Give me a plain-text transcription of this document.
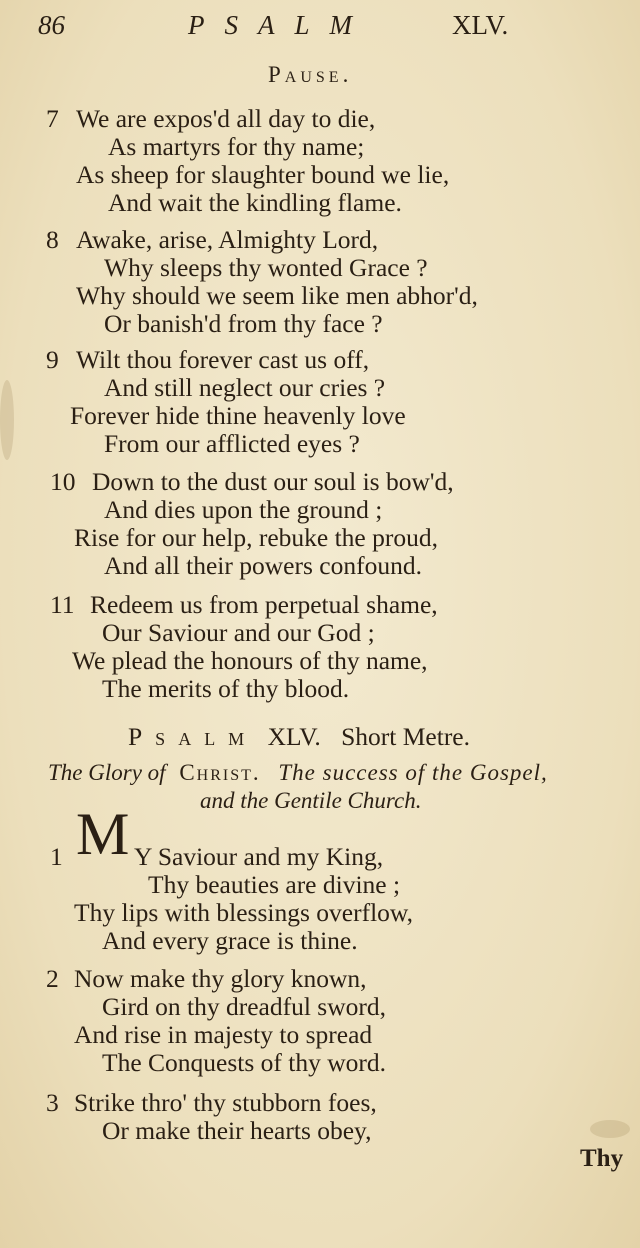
86	PSALM	XLV.
Pause.
7 We are expos'd all day to die,
As martyrs for thy name;
As sheep for slaughter bound we lie,
And wait the kindling flame.
8 Awake, arise, Almighty Lord,
Why sleeps thy wonted Grace ?
Why should we seem like men abhor'd,
Or banish'd from thy face ?
9 Wilt thou forever cast us off,
And still neglect our cries ?
Forever hide thine heavenly love
From our afflicted eyes ?
10 Down to the dust our soul is bow'd,
And dies upon the ground ;
Rise for our help, rebuke the proud,
And all their powers confound.
11 Redeem us from perpetual shame,
Our Saviour and our God ;
We plead the honours of thy name,
The merits of thy blood.
Psalm XLV. Short Metre.
The Glory of Christ. The success of the Gospel,
and the Gentile Church.
1 M Y Saviour and my King,
Thy beauties are divine ;
Thy lips with blessings overflow,
And every grace is thine.
2 Now make thy glory known,
Gird on thy dreadful sword,
And rise in majesty to spread
The Conquests of thy word.
3 Strike thro' thy stubborn foes,
Or make their hearts obey,
Thy
